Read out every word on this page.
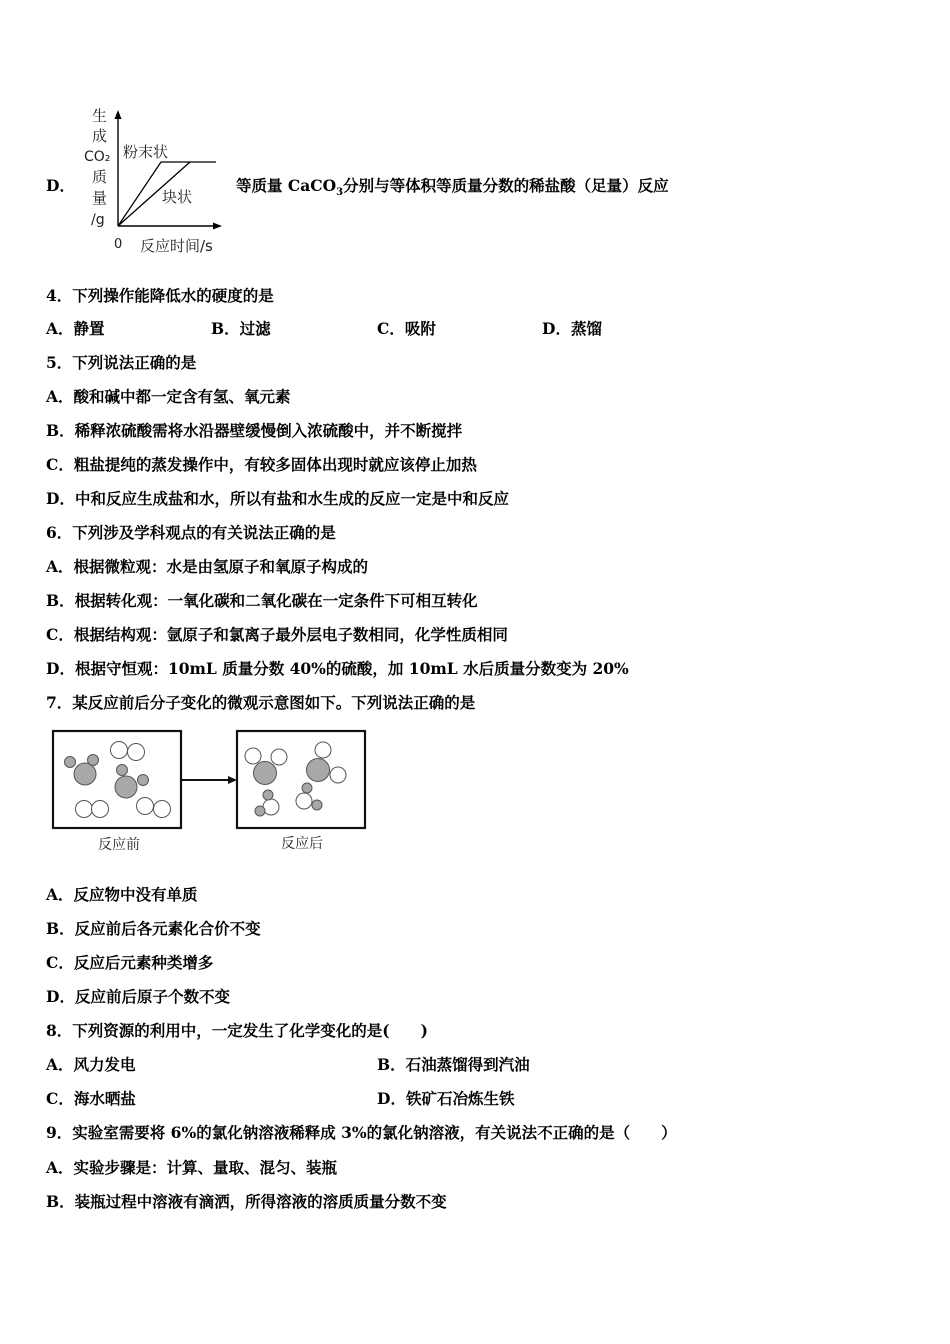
D．
生
成
CO₂
质
量
/g
0 反应时间/s
粉末状
块状
等质量 CaCO$_3$分别与等体积等质量分数的稀盐酸（足量）反应
4．下列操作能降低水的硬度的是
A．静置	B．过滤	C．吸附	D．蒸馏
5．下列说法正确的是
A．酸和碱中都一定含有氢、氧元素
B．稀释浓硫酸需将水沿器壁缓慢倒入浓硫酸中，并不断搅拌
C．粗盐提纯的蒸发操作中，有较多固体出现时就应该停止加热
D．中和反应生成盐和水，所以有盐和水生成的反应一定是中和反应
6．下列涉及学科观点的有关说法正确的是
A．根据微粒观：水是由氢原子和氧原子构成的
B．根据转化观：一氧化碳和二氧化碳在一定条件下可相互转化
C．根据结构观：氩原子和氯离子最外层电子数相同，化学性质相同
D．根据守恒观：10mL 质量分数 40%的硫酸，加 10mL 水后质量分数变为 20%
7．某反应前后分子变化的微观示意图如下。下列说法正确的是
反应前	反应后
A．反应物中没有单质
B．反应前后各元素化合价不变
C．反应后元素种类增多
D．反应前后原子个数不变
8．下列资源的利用中，一定发生了化学变化的是(　　)
A．风力发电	B．石油蒸馏得到汽油
C．海水晒盐	D．铁矿石冶炼生铁
9．实验室需要将 6%的氯化钠溶液稀释成 3%的氯化钠溶液，有关说法不正确的是（　　）
A．实验步骤是：计算、量取、混匀、装瓶
B．装瓶过程中溶液有滴洒，所得溶液的溶质质量分数不变
